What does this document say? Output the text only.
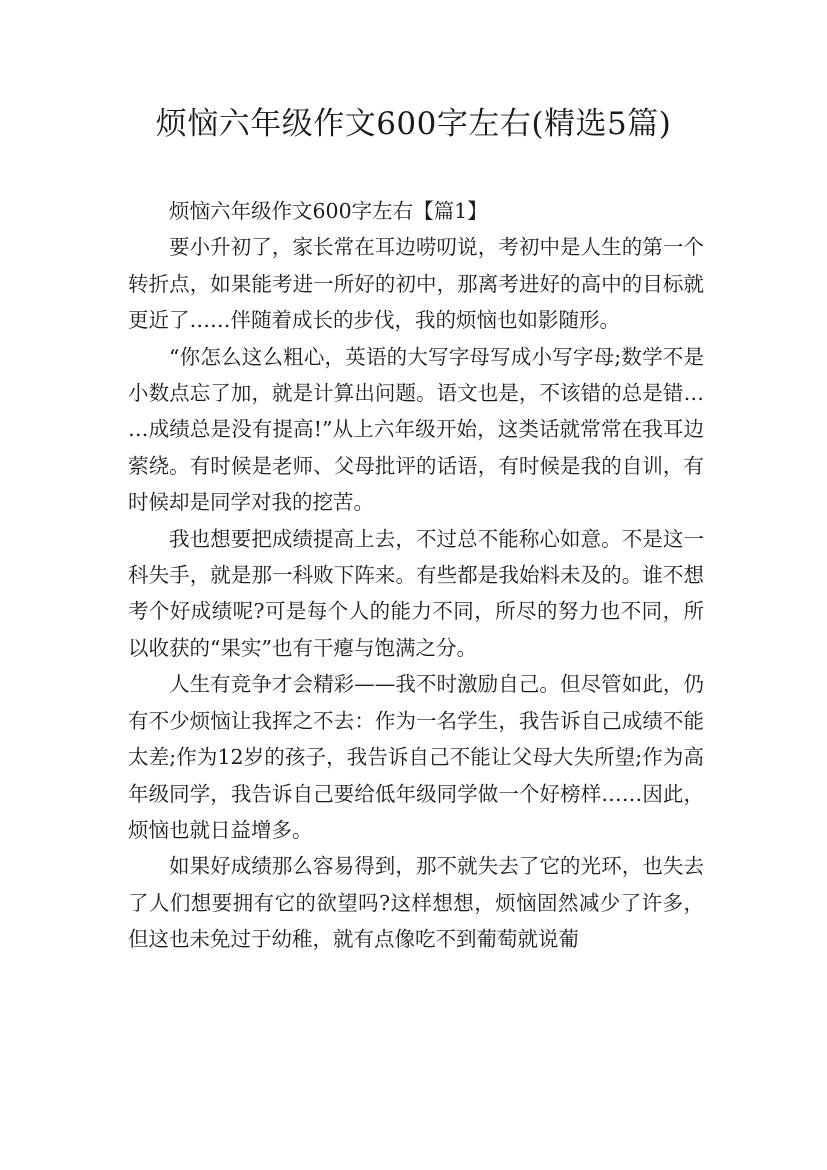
烦恼六年级作文600字左右(精选5篇)

烦恼六年级作文600字左右【篇1】

要小升初了，家长常在耳边唠叨说，考初中是人生的第一个转折点，如果能考进一所好的初中，那离考进好的高中的目标就更近了……伴随着成长的步伐，我的烦恼也如影随形。

“你怎么这么粗心，英语的大写字母写成小写字母;数学不是小数点忘了加，就是计算出问题。语文也是，不该错的总是错……成绩总是没有提高!”从上六年级开始，这类话就常常在我耳边萦绕。有时候是老师、父母批评的话语，有时候是我的自训，有时候却是同学对我的挖苦。

我也想要把成绩提高上去，不过总不能称心如意。不是这一科失手，就是那一科败下阵来。有些都是我始料未及的。谁不想考个好成绩呢?可是每个人的能力不同，所尽的努力也不同，所以收获的“果实”也有干瘪与饱满之分。

人生有竞争才会精彩——我不时激励自己。但尽管如此，仍有不少烦恼让我挥之不去：作为一名学生，我告诉自己成绩不能太差;作为12岁的孩子，我告诉自己不能让父母大失所望;作为高年级同学，我告诉自己要给低年级同学做一个好榜样……因此，烦恼也就日益增多。

如果好成绩那么容易得到，那不就失去了它的光环，也失去了人们想要拥有它的欲望吗?这样想想，烦恼固然减少了许多，但这也未免过于幼稚，就有点像吃不到葡萄就说葡
